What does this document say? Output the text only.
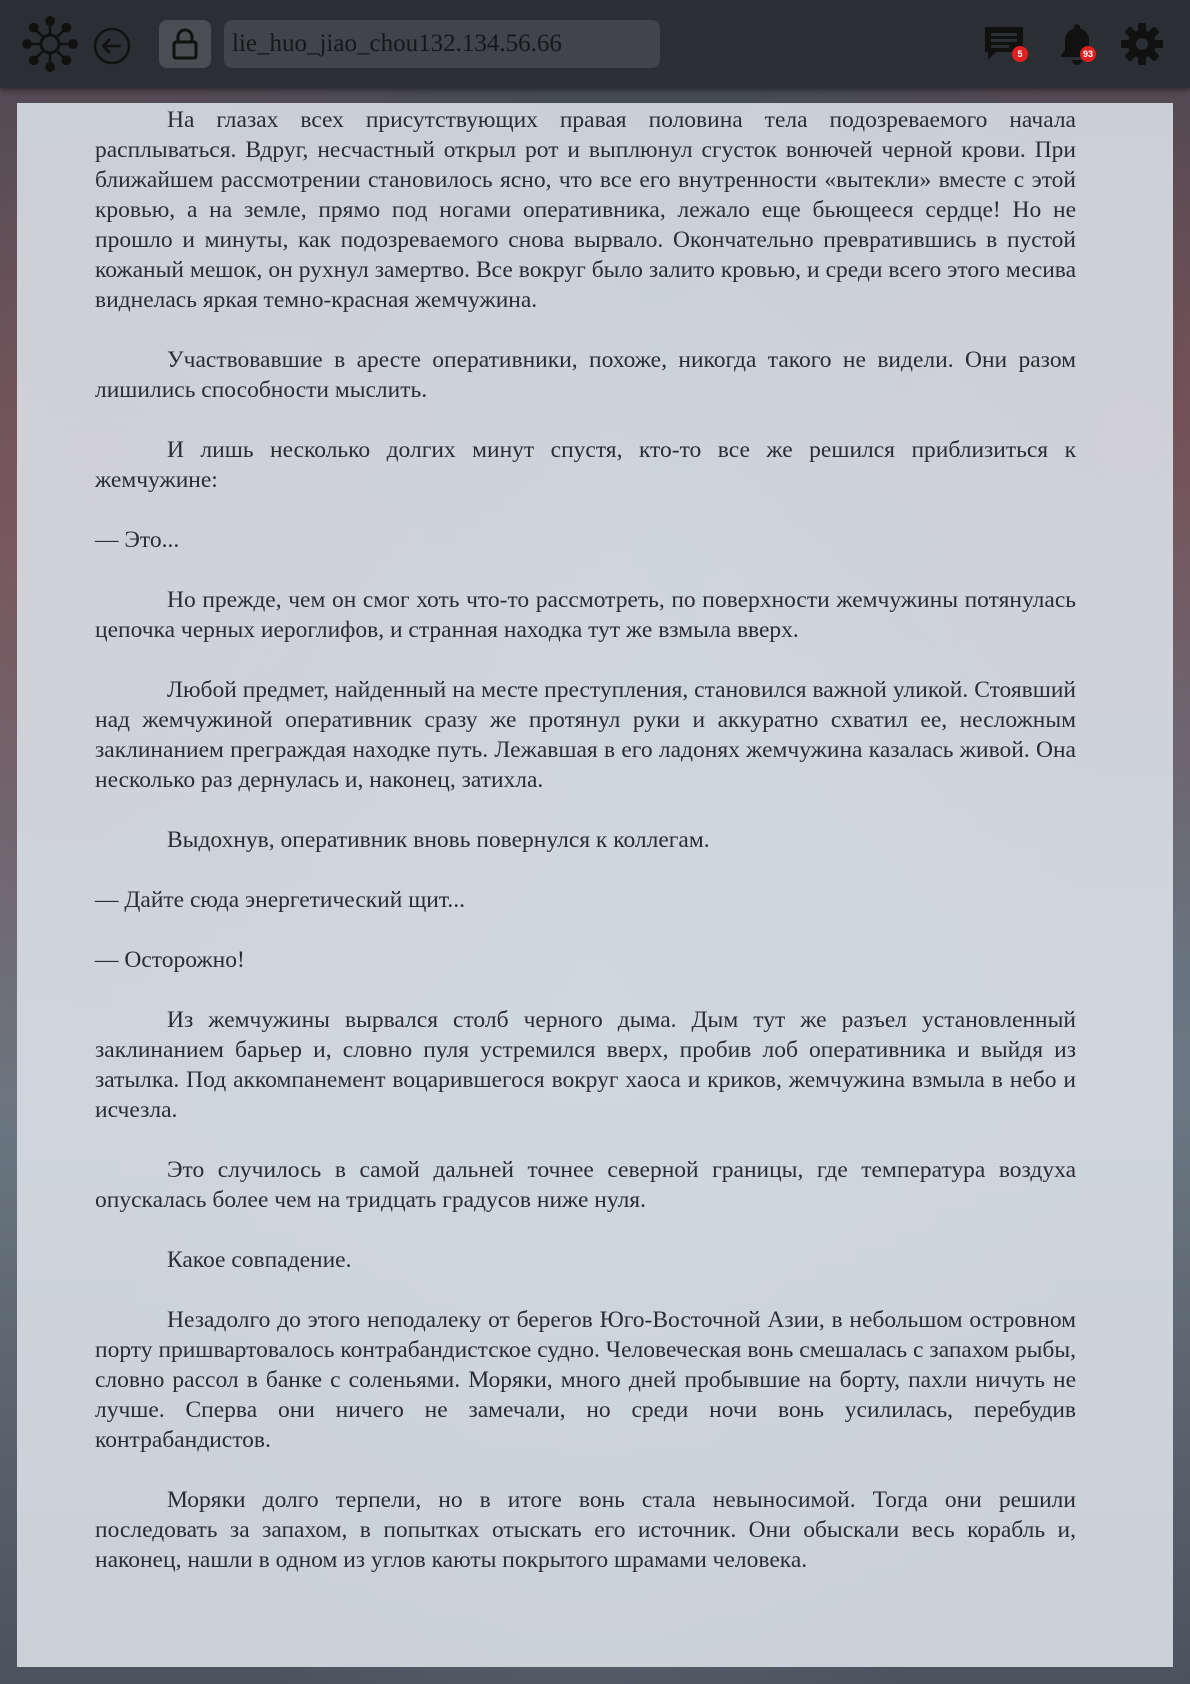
lie_huo_jiao_chou132.134.56.66	5	93

На глазах всех присутствующих правая половина тела подозреваемого начала расплываться. Вдруг, несчастный открыл рот и выплюнул сгусток вонючей черной крови. При ближайшем рассмотрении становилось ясно, что все его внутренности «вытекли» вместе с этой кровью, а на земле, прямо под ногами оперативника, лежало еще бьющееся сердце! Но не прошло и минуты, как подозреваемого снова вырвало. Окончательно превратившись в пустой кожаный мешок, он рухнул замертво. Все вокруг было залито кровью, и среди всего этого месива виднелась яркая темно-красная жемчужина.

Участвовавшие в аресте оперативники, похоже, никогда такого не видели. Они разом лишились способности мыслить.

И лишь несколько долгих минут спустя, кто-то все же решился приблизиться к жемчужине:

— Это...

Но прежде, чем он смог хоть что-то рассмотреть, по поверхности жемчужины потянулась цепочка черных иероглифов, и странная находка тут же взмыла вверх.

Любой предмет, найденный на месте преступления, становился важной уликой. Стоявший над жемчужиной оперативник сразу же протянул руки и аккуратно схватил ее, несложным заклинанием преграждая находке путь. Лежавшая в его ладонях жемчужина казалась живой. Она несколько раз дернулась и, наконец, затихла.

Выдохнув, оперативник вновь повернулся к коллегам.

— Дайте сюда энергетический щит...

— Осторожно!

Из жемчужины вырвался столб черного дыма. Дым тут же разъел установленный заклинанием барьер и, словно пуля устремился вверх, пробив лоб оперативника и выйдя из затылка. Под аккомпанемент воцарившегося вокруг хаоса и криков, жемчужина взмыла в небо и исчезла.

Это случилось в самой дальней точнее северной границы, где температура воздуха опускалась более чем на тридцать градусов ниже нуля.

Какое совпадение.

Незадолго до этого неподалеку от берегов Юго-Восточной Азии, в небольшом островном порту пришвартовалось контрабандистское судно. Человеческая вонь смешалась с запахом рыбы, словно рассол в банке с соленьями. Моряки, много дней пробывшие на борту, пахли ничуть не лучше. Сперва они ничего не замечали, но среди ночи вонь усилилась, перебудив контрабандистов.

Моряки долго терпели, но в итоге вонь стала невыносимой. Тогда они решили последовать за запахом, в попытках отыскать его источник. Они обыскали весь корабль и, наконец, нашли в одном из углов каюты покрытого шрамами человека.
